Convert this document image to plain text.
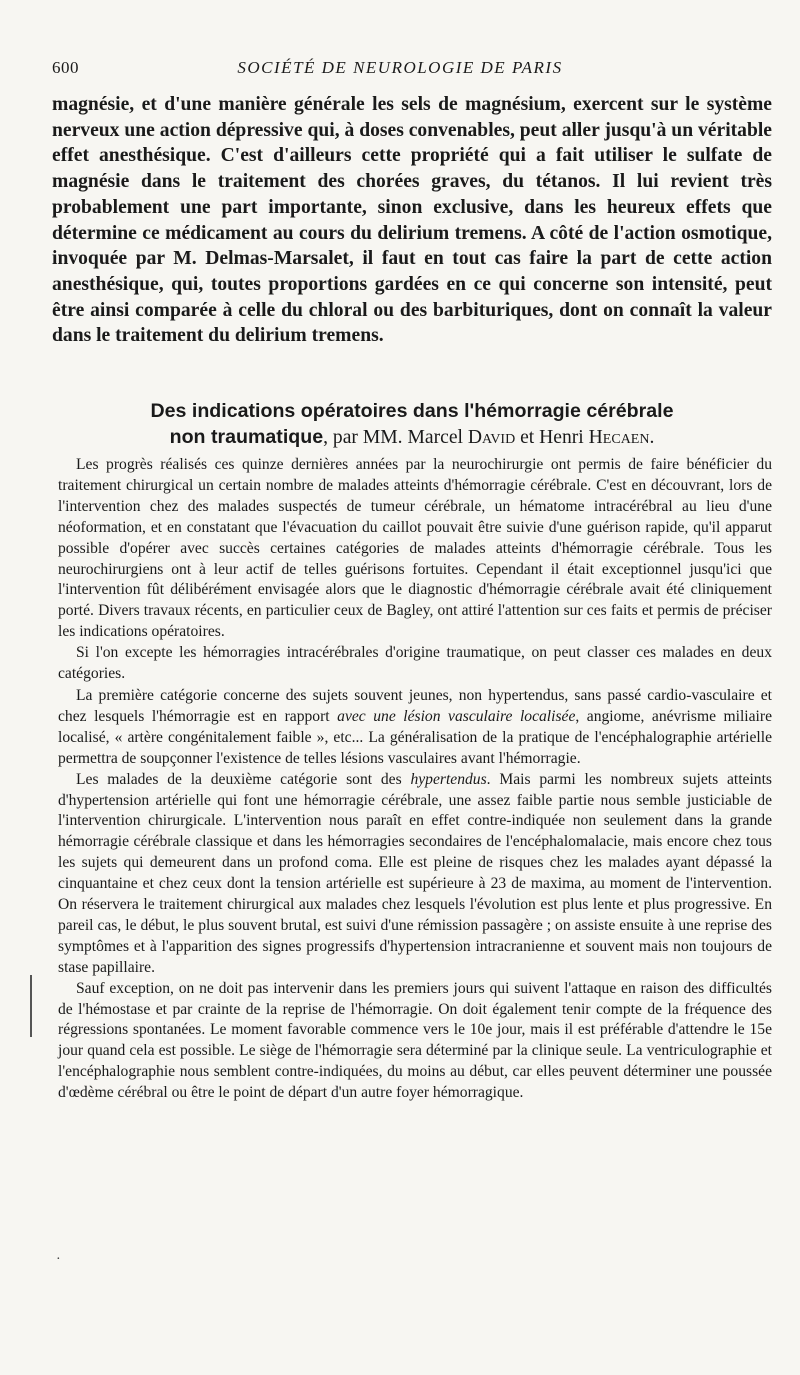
600	SOCIÉTÉ DE NEUROLOGIE DE PARIS
magnésie, et d'une manière générale les sels de magnésium, exercent sur le système nerveux une action dépressive qui, à doses convenables, peut aller jusqu'à un véritable effet anesthésique. C'est d'ailleurs cette propriété qui a fait utiliser le sulfate de magnésie dans le traitement des chorées graves, du tétanos. Il lui revient très probablement une part importante, sinon exclusive, dans les heureux effets que détermine ce médicament au cours du delirium tremens. A côté de l'action osmotique, invoquée par M. Delmas-Marsalet, il faut en tout cas faire la part de cette action anesthésique, qui, toutes proportions gardées en ce qui concerne son intensité, peut être ainsi comparée à celle du chloral ou des barbituriques, dont on connaît la valeur dans le traitement du delirium tremens.
Des indications opératoires dans l'hémorragie cérébrale
non traumatique, par MM. Marcel David et Henri Hecaen.

Les progrès réalisés ces quinze dernières années par la neurochirurgie ont permis de faire bénéficier du traitement chirurgical un certain nombre de malades atteints d'hémorragie cérébrale. C'est en découvrant, lors de l'intervention chez des malades suspectés de tumeur cérébrale, un hématome intracérébral au lieu d'une néoformation, et en constatant que l'évacuation du caillot pouvait être suivie d'une guérison rapide, qu'il apparut possible d'opérer avec succès certaines catégories de malades atteints d'hémorragie cérébrale. Tous les neurochirurgiens ont à leur actif de telles guérisons fortuites. Cependant il était exceptionnel jusqu'ici que l'intervention fût délibérément envisagée alors que le diagnostic d'hémorragie cérébrale avait été cliniquement porté. Divers travaux récents, en particulier ceux de Bagley, ont attiré l'attention sur ces faits et permis de préciser les indications opératoires.

Si l'on excepte les hémorragies intracérébrales d'origine traumatique, on peut classer ces malades en deux catégories.

La première catégorie concerne des sujets souvent jeunes, non hypertendus, sans passé cardio-vasculaire et chez lesquels l'hémorragie est en rapport avec une lésion vasculaire localisée, angiome, anévrisme miliaire localisé, « artère congénitalement faible », etc... La généralisation de la pratique de l'encéphalographie artérielle permettra de soupçonner l'existence de telles lésions vasculaires avant l'hémorragie.

Les malades de la deuxième catégorie sont des hypertendus. Mais parmi les nombreux sujets atteints d'hypertension artérielle qui font une hémorragie cérébrale, une assez faible partie nous semble justiciable de l'intervention chirurgicale. L'intervention nous paraît en effet contre-indiquée non seulement dans la grande hémorragie cérébrale classique et dans les hémorragies secondaires de l'encéphalomalacie, mais encore chez tous les sujets qui demeurent dans un profond coma. Elle est pleine de risques chez les malades ayant dépassé la cinquantaine et chez ceux dont la tension artérielle est supérieure à 23 de maxima, au moment de l'intervention. On réservera le traitement chirurgical aux malades chez lesquels l'évolution est plus lente et plus progressive. En pareil cas, le début, le plus souvent brutal, est suivi d'une rémission passagère ; on assiste ensuite à une reprise des symptômes et à l'apparition des signes progressifs d'hypertension intracranienne et souvent mais non toujours de stase papillaire.

Sauf exception, on ne doit pas intervenir dans les premiers jours qui suivent l'attaque en raison des difficultés de l'hémostase et par crainte de la reprise de l'hémorragie. On doit également tenir compte de la fréquence des régressions spontanées. Le moment favorable commence vers le 10e jour, mais il est préférable d'attendre le 15e jour quand cela est possible. Le siège de l'hémorragie sera déterminé par la clinique seule. La ventriculographie et l'encéphalographie nous semblent contre-indiquées, du moins au début, car elles peuvent déterminer une poussée d'œdème cérébral ou être le point de départ d'un autre foyer hémorragique.

·
